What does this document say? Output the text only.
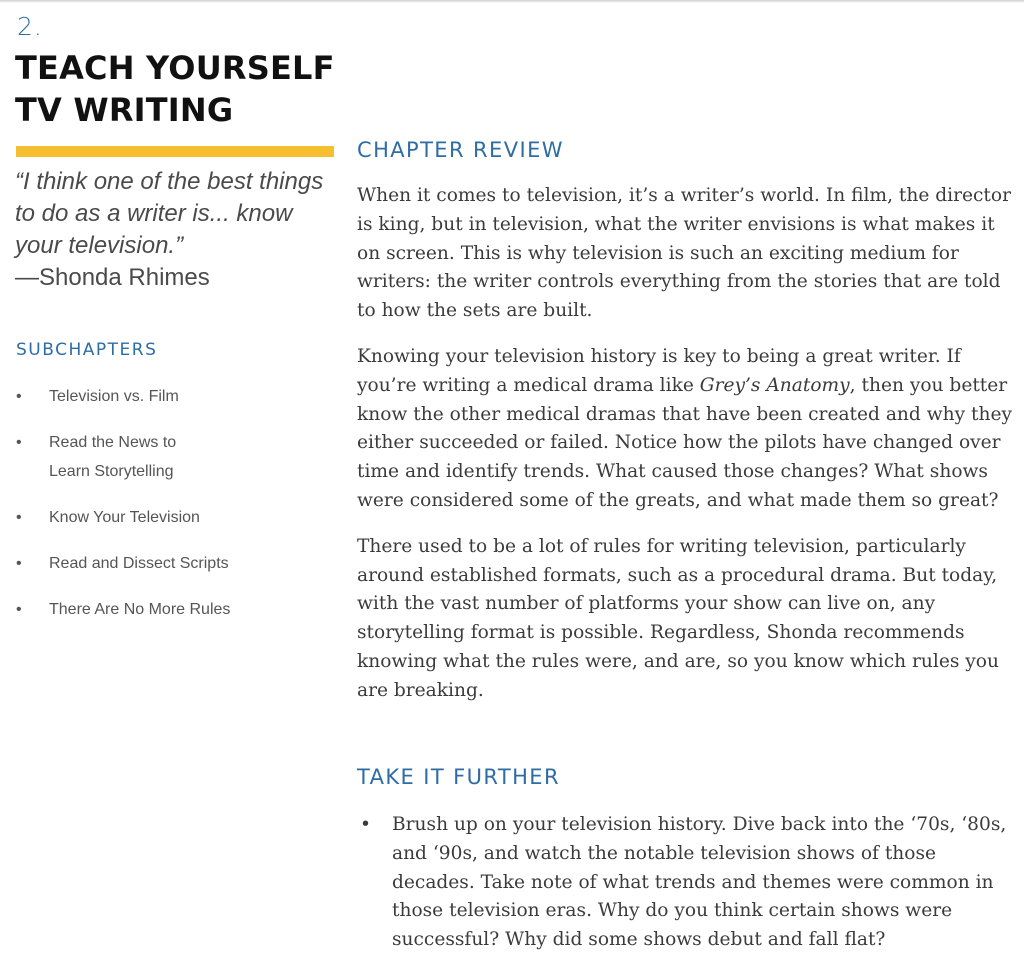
2.
TEACH YOURSELF
TV WRITING
“I think one of the best things to do as a writer is... know your television.”
—Shonda Rhimes
SUBCHAPTERS
• Television vs. Film
• Read the News to Learn Storytelling
• Know Your Television
• Read and Dissect Scripts
• There Are No More Rules
CHAPTER REVIEW

When it comes to television, it’s a writer’s world. In film, the director is king, but in television, what the writer envisions is what makes it on screen. This is why television is such an exciting medium for writers: the writer controls everything from the stories that are told to how the sets are built.

Knowing your television history is key to being a great writer. If you’re writing a medical drama like Grey’s Anatomy, then you better know the other medical dramas that have been created and why they either succeeded or failed. Notice how the pilots have changed over time and identify trends. What caused those changes? What shows were considered some of the greats, and what made them so great?

There used to be a lot of rules for writing television, particularly around established formats, such as a procedural drama. But today, with the vast number of platforms your show can live on, any storytelling format is possible. Regardless, Shonda recommends knowing what the rules were, and are, so you know which rules you are breaking.

TAKE IT FURTHER
• Brush up on your television history. Dive back into the ‘70s, ‘80s, and ‘90s, and watch the notable television shows of those decades. Take note of what trends and themes were common in those television eras. Why do you think certain shows were successful? Why did some shows debut and fall flat?
